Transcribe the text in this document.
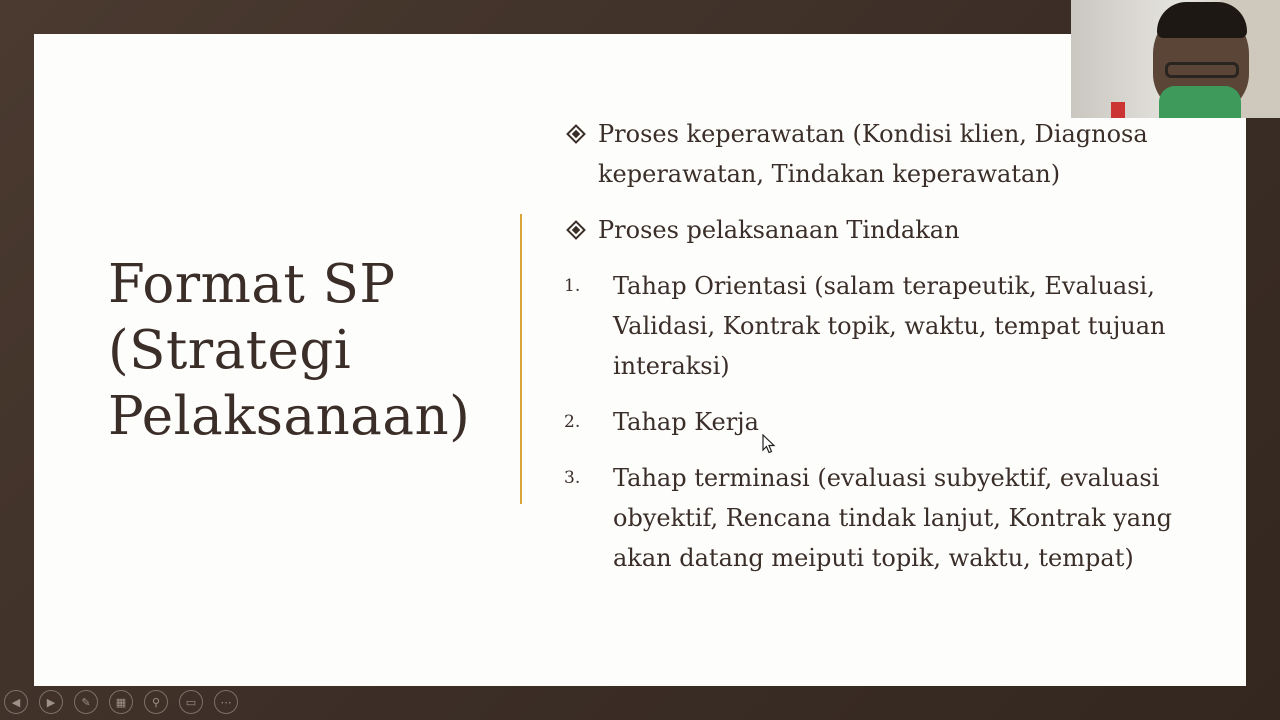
Format SP
(Strategi
Pelaksanaan)
Proses keperawatan (Kondisi klien, Diagnosa keperawatan, Tindakan keperawatan)
Proses pelaksanaan Tindakan
1. Tahap Orientasi (salam terapeutik, Evaluasi, Validasi, Kontrak topik, waktu, tempat tujuan interaksi)
2. Tahap Kerja
3. Tahap terminasi (evaluasi subyektif, evaluasi obyektif, Rencana tindak lanjut, Kontrak yang akan datang meiputi topik, waktu, tempat)
◀	▶	✎	▦	⚲	▭	⋯
